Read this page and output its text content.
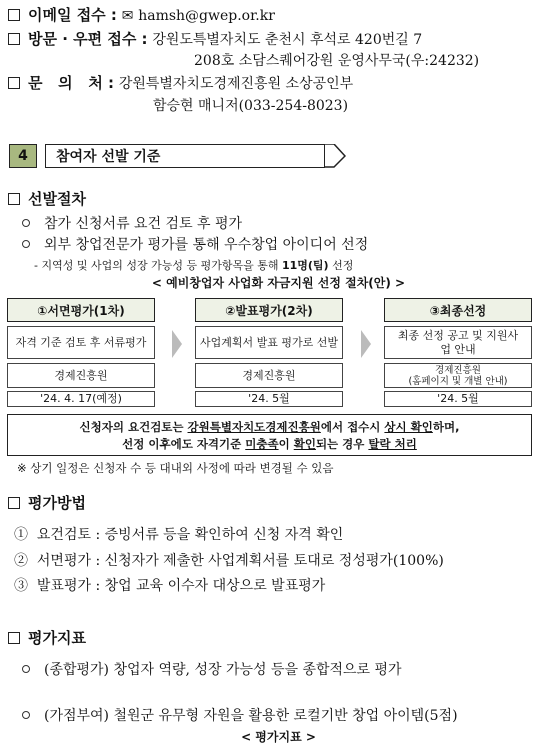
이메일 접수 : ✉ hamsh@gwep.or.kr
방문 · 우편 접수 : 강원도특별자치도 춘천시 후석로 420번길 7
208호 소담스퀘어강원 운영사무국(우:24232)
문   의   처 : 강원특별자치도경제진흥원 소상공인부
함승현 매니저(033-254-8023)
4	참여자 선발 기준
선발절차
참가 신청서류 요건 검토 후 평가
외부 창업전문가 평가를 통해 우수창업 아이디어 선정
- 지역성 및 사업의 성장 가능성 등 평가항목을 통해 11명(팀) 선정
< 예비창업자 사업화 자금지원 선정 절차(안) >
①서면평가(1차)
자격 기준 검토 후 서류평가
경제진흥원
'24. 4. 17(예정)
②발표평가(2차)
사업계획서 발표 평가로 선발
경제진흥원
'24. 5월
③최종선정
최종 선정 공고 및 지원사업 안내
경제진흥원
(홈페이지 및 개별 안내)
'24. 5월
신청자의 요건검토는 강원특별자치도경제진흥원에서 접수시 상시 확인하며,
선정 이후에도 자격기준 미충족이 확인되는 경우 탈락 처리
※ 상기 일정은 신청자 수 등 대내외 사정에 따라 변경될 수 있음
평가방법
① 요건검토 : 증빙서류 등을 확인하여 신청 자격 확인
② 서면평가 : 신청자가 제출한 사업계획서를 토대로 정성평가(100%)
③ 발표평가 : 창업 교육 이수자 대상으로 발표평가
평가지표
(종합평가) 창업자 역량, 성장 가능성 등을 종합적으로 평가
(가점부여) 철원군 유무형 자원을 활용한 로컬기반 창업 아이템(5점)
< 평가지표 >
